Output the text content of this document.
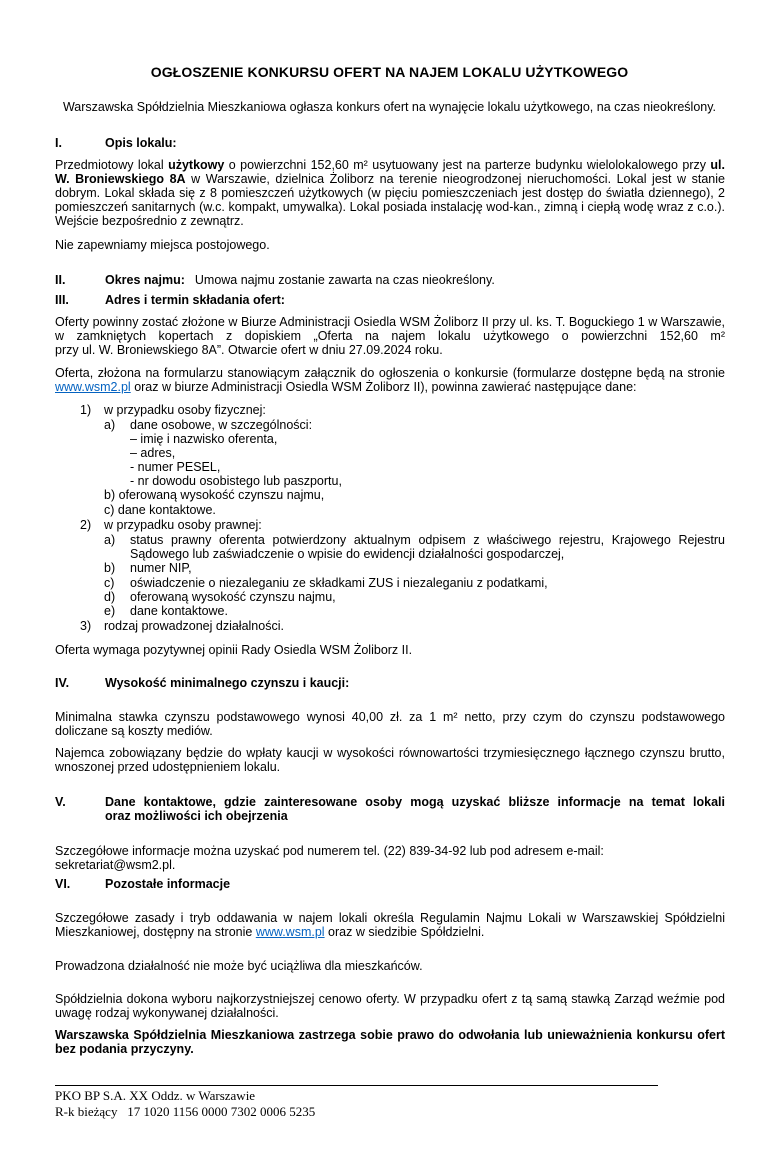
OGŁOSZENIE KONKURSU OFERT NA NAJEM LOKALU UŻYTKOWEGO
Warszawska Spółdzielnia Mieszkaniowa ogłasza konkurs ofert na wynajęcie lokalu użytkowego, na czas nieokreślony.
I.	Opis lokalu:
Przedmiotowy lokal użytkowy o powierzchni 152,60 m² usytuowany jest na parterze budynku wielolokalowego przy ul. W. Broniewskiego 8A w Warszawie, dzielnica Żoliborz na terenie nieogrodzonej nieruchomości. Lokal jest w stanie dobrym. Lokal składa się z 8 pomieszczeń użytkowych (w pięciu pomieszczeniach jest dostęp do światła dziennego), 2 pomieszczeń sanitarnych (w.c. kompakt, umywalka). Lokal posiada instalację wod-kan., zimną i ciepłą wodę wraz z c.o.). Wejście bezpośrednio z zewnątrz.
Nie zapewniamy miejsca postojowego.
II.	Okres najmu: Umowa najmu zostanie zawarta na czas nieokreślony.
III.	Adres i termin składania ofert:
Oferty powinny zostać złożone w Biurze Administracji Osiedla WSM Żoliborz II przy ul. ks. T. Boguckiego 1 w Warszawie,
w zamkniętych kopertach z dopiskiem „Oferta na najem lokalu użytkowego o powierzchni 152,60 m²
przy ul. W. Broniewskiego 8A”. Otwarcie ofert w dniu 27.09.2024 roku.
Oferta, złożona na formularzu stanowiącym załącznik do ogłoszenia o konkursie (formularze dostępne będą na stronie www.wsm2.pl oraz w biurze Administracji Osiedla WSM Żoliborz II), powinna zawierać następujące dane:
1) w przypadku osoby fizycznej:
a) dane osobowe, w szczególności:
– imię i nazwisko oferenta,
– adres,
- numer PESEL,
- nr dowodu osobistego lub paszportu,
b) oferowaną wysokość czynszu najmu,
c) dane kontaktowe.
2) w przypadku osoby prawnej:
a) status prawny oferenta potwierdzony aktualnym odpisem z właściwego rejestru, Krajowego Rejestru
Sądowego lub zaświadczenie o wpisie do ewidencji działalności gospodarczej,
b) numer NIP,
c) oświadczenie o niezaleganiu ze składkami ZUS i niezaleganiu z podatkami,
d) oferowaną wysokość czynszu najmu,
e) dane kontaktowe.
3) rodzaj prowadzonej działalności.
Oferta wymaga pozytywnej opinii Rady Osiedla WSM Żoliborz II.
IV.	Wysokość minimalnego czynszu i kaucji:
Minimalna stawka czynszu podstawowego wynosi 40,00 zł. za 1 m² netto, przy czym do czynszu podstawowego doliczane są koszty mediów.
Najemca zobowiązany będzie do wpłaty kaucji w wysokości równowartości trzymiesięcznego łącznego czynszu brutto, wnoszonej przed udostępnieniem lokalu.
V.	Dane kontaktowe, gdzie zainteresowane osoby mogą uzyskać bliższe informacje na temat lokali
oraz możliwości ich obejrzenia
Szczegółowe informacje można uzyskać pod numerem tel. (22) 839-34-92 lub pod adresem e-mail: sekretariat@wsm2.pl.
VI.	Pozostałe informacje
Szczegółowe zasady i tryb oddawania w najem lokali określa Regulamin Najmu Lokali w Warszawskiej Spółdzielni Mieszkaniowej, dostępny na stronie www.wsm.pl oraz w siedzibie Spółdzielni.
Prowadzona działalność nie może być uciążliwa dla mieszkańców.
Spółdzielnia dokona wyboru najkorzystniejszej cenowo oferty. W przypadku ofert z tą samą stawką Zarząd weźmie pod uwagę rodzaj wykonywanej działalności.
Warszawska Spółdzielnia Mieszkaniowa zastrzega sobie prawo do odwołania lub unieważnienia konkursu ofert bez podania przyczyny.
PKO BP S.A. XX Oddz. w Warszawie
R-k bieżący   17 1020 1156 0000 7302 0006 5235
